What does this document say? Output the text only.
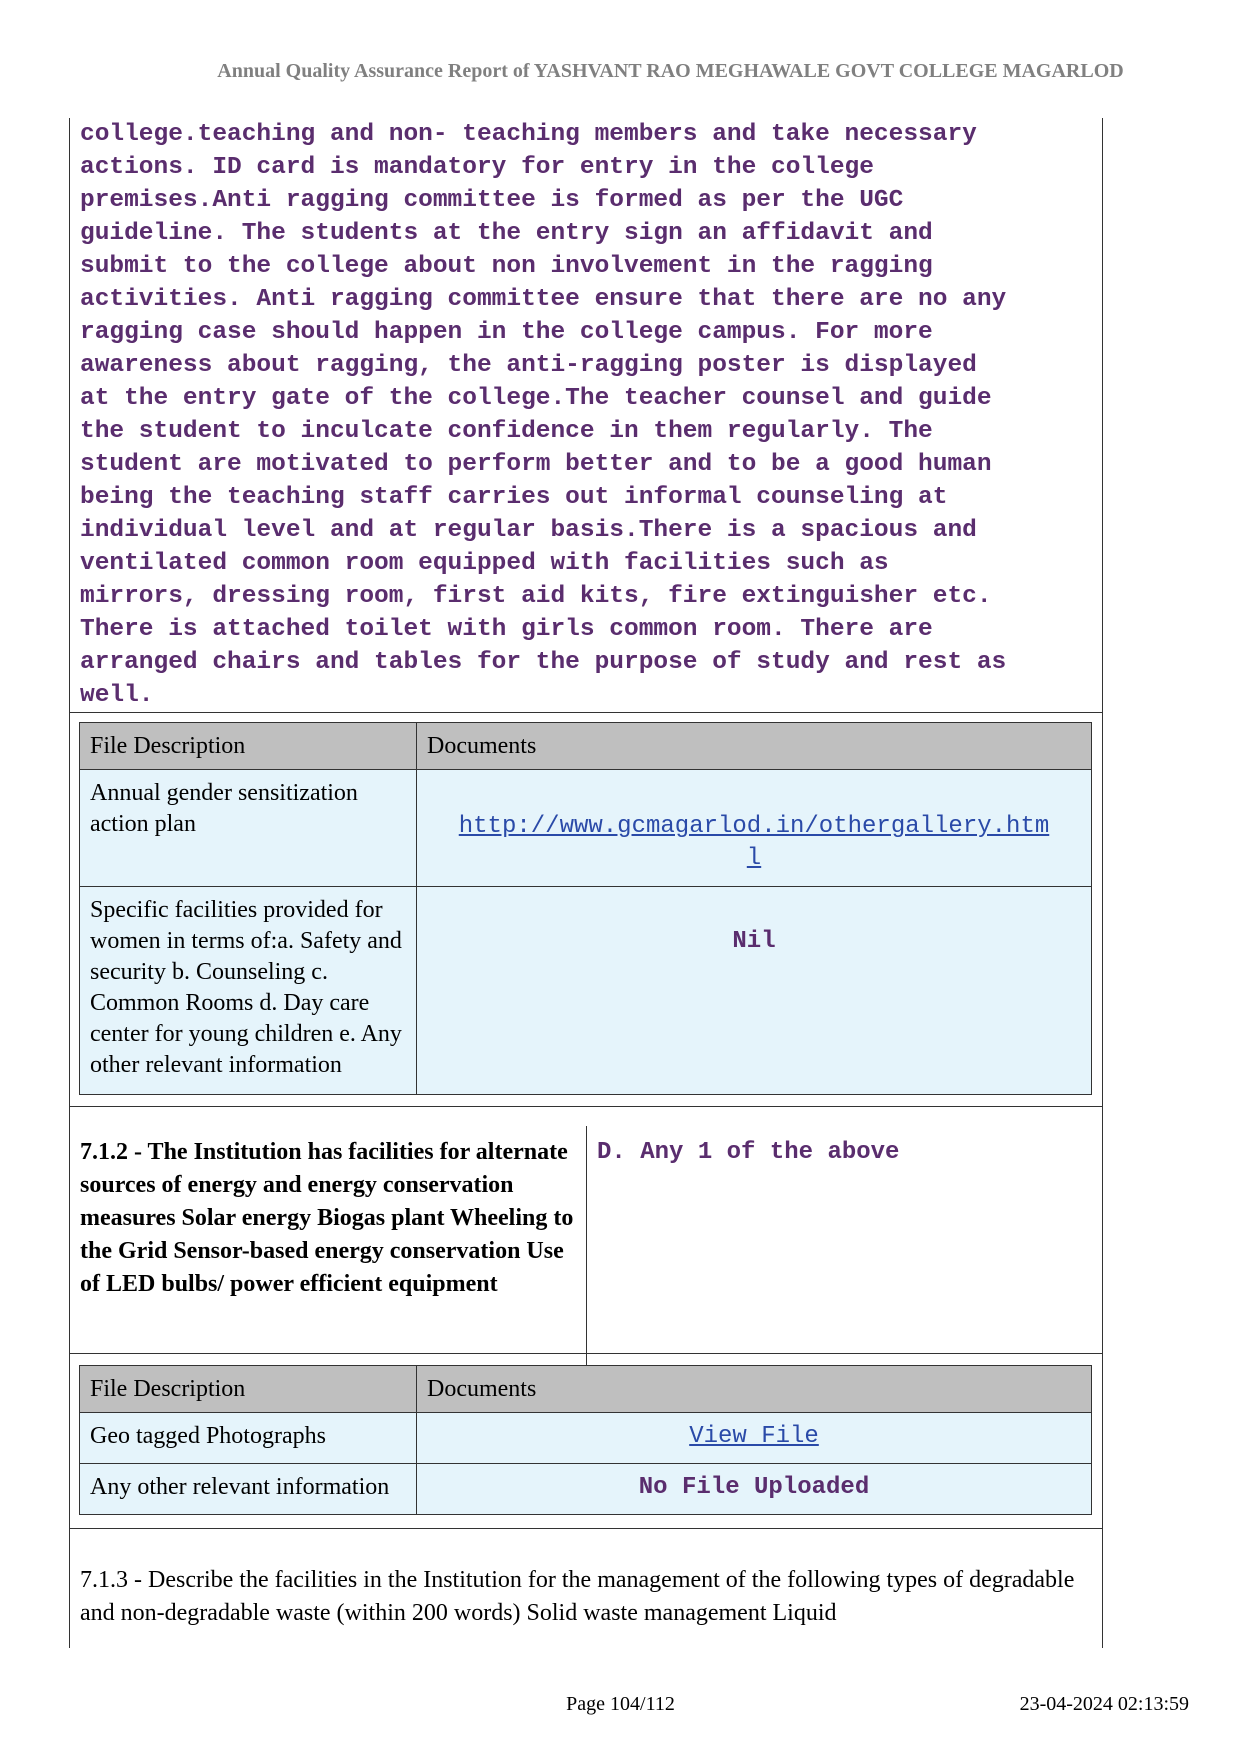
Annual Quality Assurance Report of YASHVANT RAO MEGHAWALE GOVT COLLEGE MAGARLOD
college.teaching and non- teaching members and take necessary
actions. ID card is mandatory for entry in the college
premises.Anti ragging committee is formed as per the UGC
guideline. The students at the entry sign an affidavit and
submit to the college about non involvement in the ragging
activities. Anti ragging committee ensure that there are no any
ragging case should happen in the college campus. For more
awareness about ragging, the anti-ragging poster is displayed
at the entry gate of the college.The teacher counsel and guide
the student to inculcate confidence in them regularly. The
student are motivated to perform better and to be a good human
being the teaching staff carries out informal counseling at
individual level and at regular basis.There is a spacious and
ventilated common room equipped with facilities such as
mirrors, dressing room, first aid kits, fire extinguisher etc.
There is attached toilet with girls common room. There are
arranged chairs and tables for the purpose of study and rest as
well.
File Description	Documents
Annual gender sensitization action plan	http://www.gcmagarlod.in/othergallery.htm
l
Specific facilities provided for women in terms of:a. Safety and security b. Counseling c. Common Rooms d. Day care center for young children e. Any other relevant information	Nil
7.1.2 - The Institution has facilities for alternate sources of energy and energy conservation measures Solar energy Biogas plant Wheeling to the Grid Sensor-based energy conservation Use of LED bulbs/ power efficient equipment
D. Any 1 of the above
File Description	Documents
Geo tagged Photographs	View File
Any other relevant information	No File Uploaded
7.1.3 - Describe the facilities in the Institution for the management of the following types of degradable and non-degradable waste (within 200 words) Solid waste management Liquid
Page 104/112	23-04-2024 02:13:59
